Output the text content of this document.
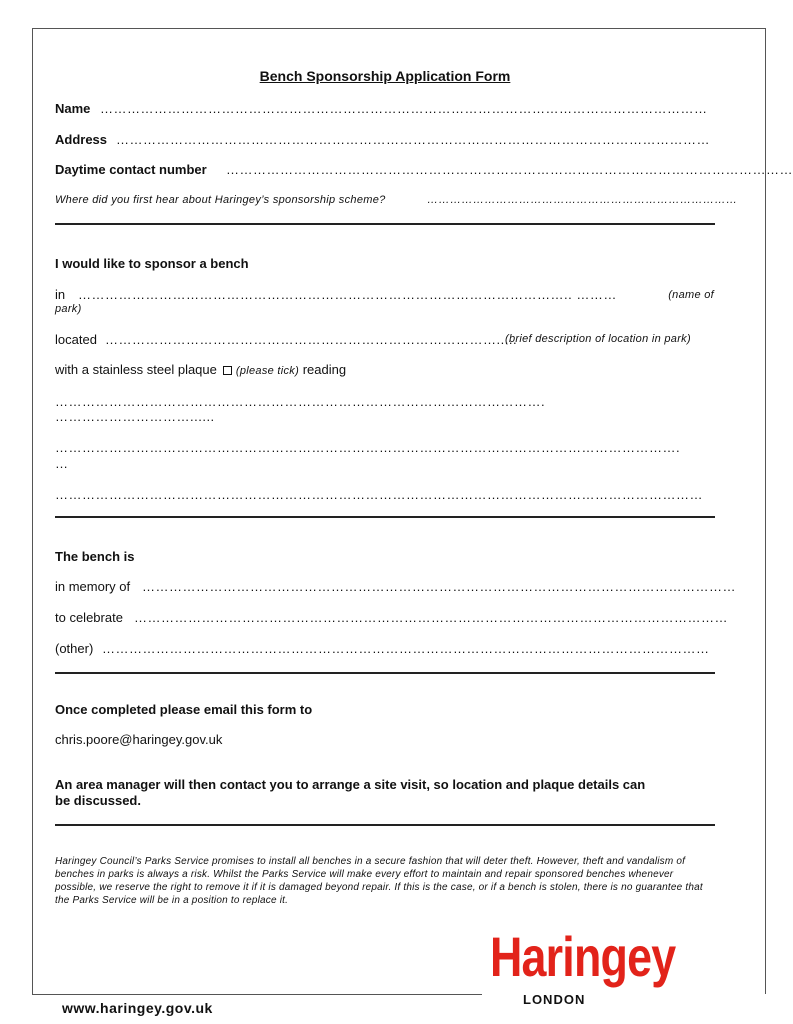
Bench Sponsorship Application Form
Name ………………………………………………………………………………………………………………………
Address ……………………………………………………………………………………………………………………
Daytime contact number ………………………………………………………………………………………………………………
Where did you first hear about Haringey’s sponsorship scheme?	………………………………………………………………………
I would like to sponsor a bench
in ……………………………………………………………………………………………….. ………	(name of
park)
located …………………………………………………………………………….....
(brief description of location in park)
with a stainless steel plaque (please tick) reading
……………………………………………………………………………………………….
…………………………......
………………………………………………………………………………………………………………………….
…
………………………………………………………………………………………………………………………………
The bench is
in memory of ……………………………………………………………………………………………………………………
to celebrate ……………………………………………………………………………………………………………………
(other) ………………………………………………………………………………………………………………………
Once completed please email this form to
chris.poore@haringey.gov.uk
An area manager will then contact you to arrange a site visit, so location and plaque details can
be discussed.
Haringey Council’s Parks Service promises to install all benches in a secure fashion that will deter theft. However, theft and vandalism of benches in parks is always a risk. Whilst the Parks Service will make every effort to maintain and repair sponsored benches whenever possible, we reserve the right to remove it if it is damaged beyond repair. If this is the case, or if a bench is stolen, there is no guarantee that the Parks Service will be in a position to replace it.
www.haringey.gov.uk
Haringey
LONDON
